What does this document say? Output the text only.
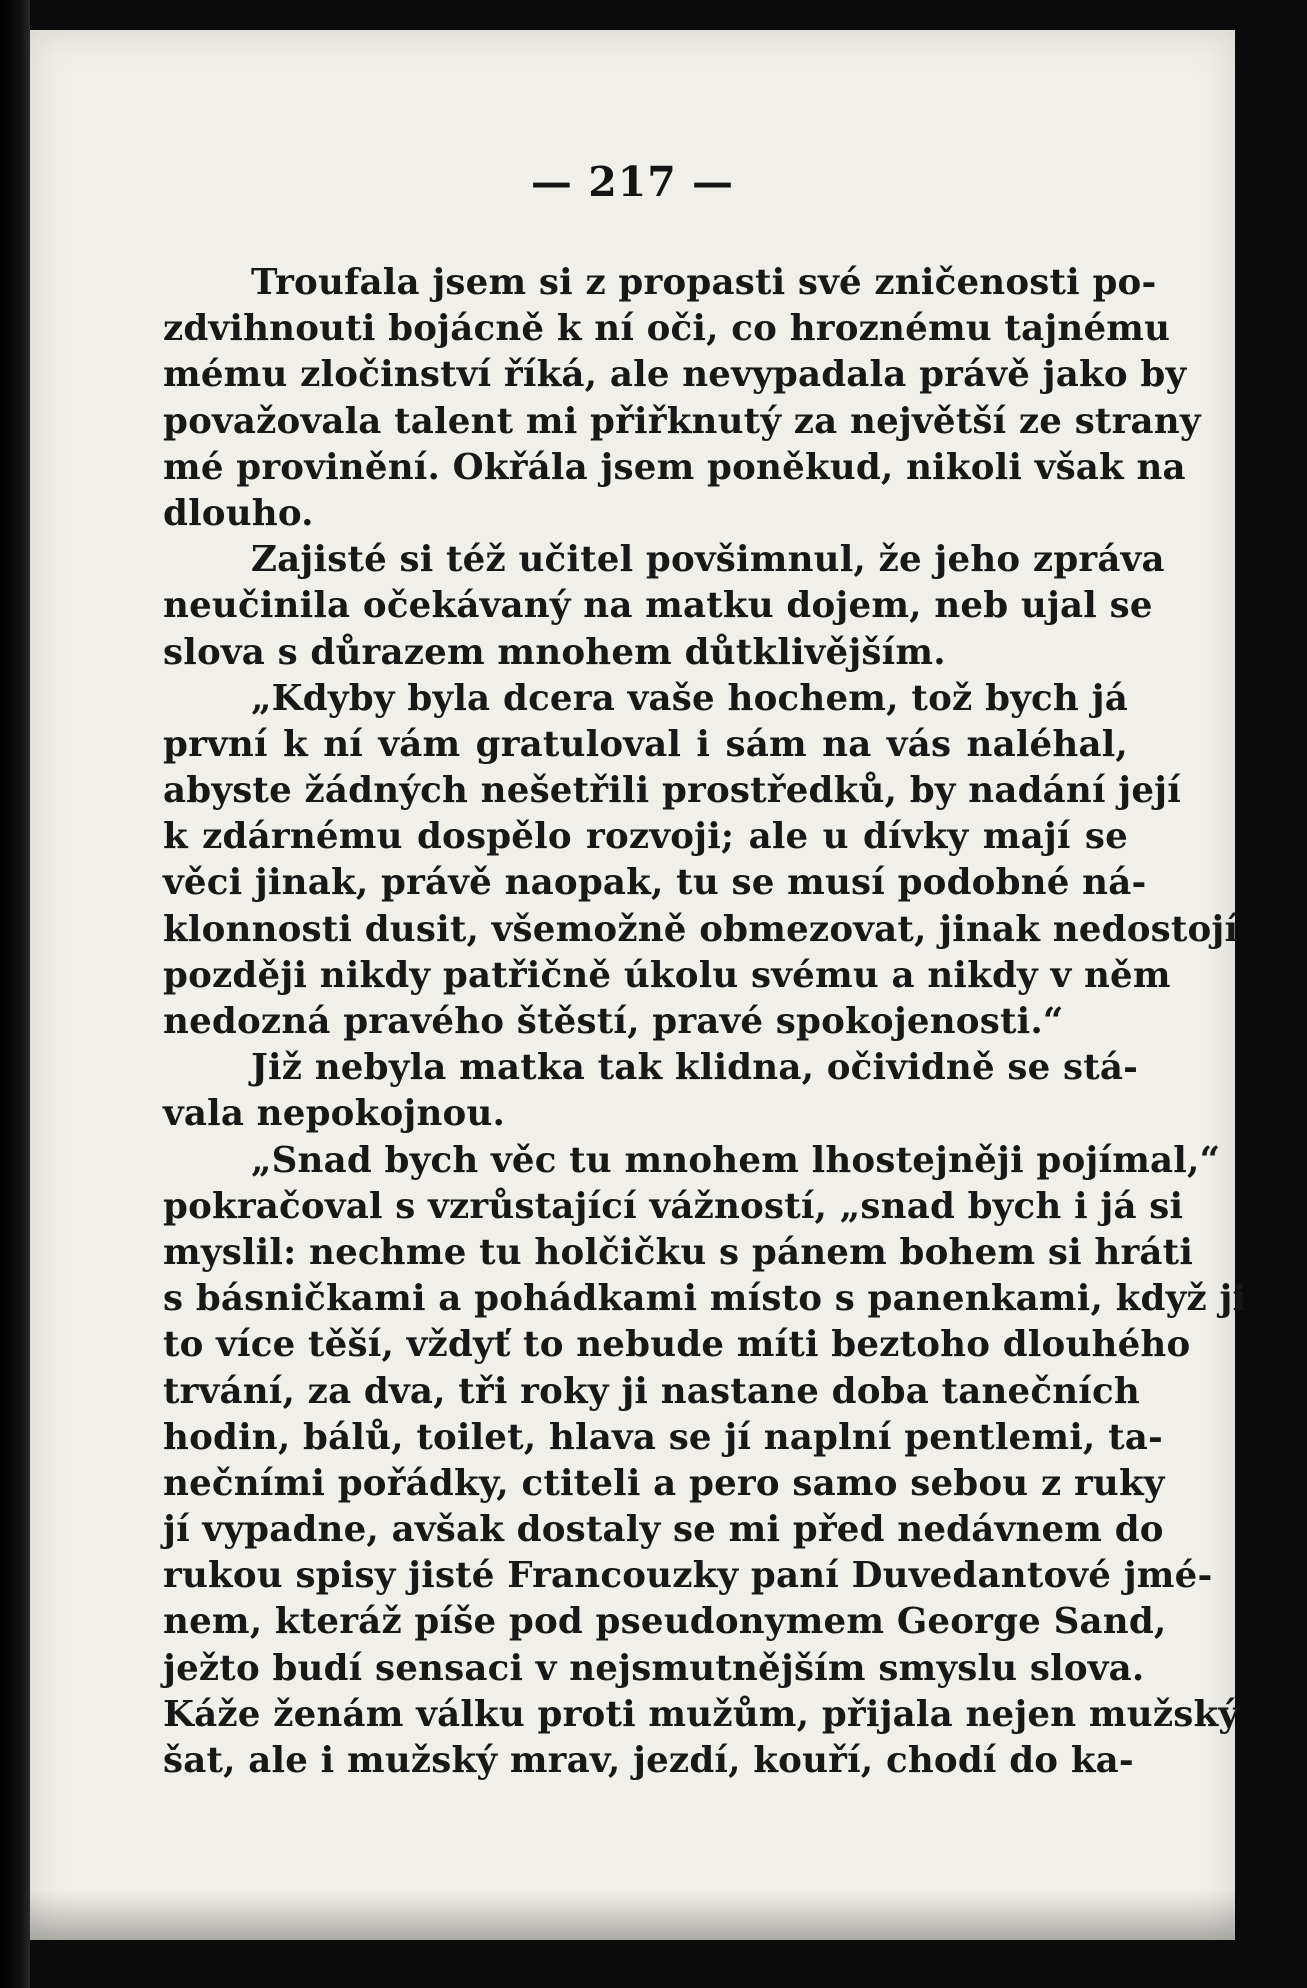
— 217 —
Troufala jsem si z propasti své zničenosti po-
zdvihnouti bojácně k ní oči, co hroznému tajnému
mému zločinství říká, ale nevypadala právě jako by
považovala talent mi přiřknutý za největší ze strany
mé provinění. Okřála jsem poněkud, nikoli však na
dlouho.
Zajisté si též učitel povšimnul, že jeho zpráva
neučinila očekávaný na matku dojem, neb ujal se
slova s důrazem mnohem důtklivějším.
„Kdyby byla dcera vaše hochem, tož bych já
první k ní vám gratuloval i sám na vás naléhal,
abyste žádných nešetřili prostředků, by nadání její
k zdárnému dospělo rozvoji; ale u dívky mají se
věci jinak, právě naopak, tu se musí podobné ná-
klonnosti dusit, všemožně obmezovat, jinak nedostojí
později nikdy patřičně úkolu svému a nikdy v něm
nedozná pravého štěstí, pravé spokojenosti.“
Již nebyla matka tak klidna, očividně se stá-
vala nepokojnou.
„Snad bych věc tu mnohem lhostejněji pojímal,“
pokračoval s vzrůstající vážností, „snad bych i já si
myslil: nechme tu holčičku s pánem bohem si hráti
s básničkami a pohádkami místo s panenkami, když ji
to více těší, vždyť to nebude míti beztoho dlouhého
trvání, za dva, tři roky ji nastane doba tanečních
hodin, bálů, toilet, hlava se jí naplní pentlemi, ta-
nečními pořádky, ctiteli a pero samo sebou z ruky
jí vypadne, avšak dostaly se mi před nedávnem do
rukou spisy jisté Francouzky paní Duvedantové jmé-
nem, kteráž píše pod pseudonymem George Sand,
ježto budí sensaci v nejsmutnějším smyslu slova.
Káže ženám válku proti mužům, přijala nejen mužský
šat, ale i mužský mrav, jezdí, kouří, chodí do ka-
